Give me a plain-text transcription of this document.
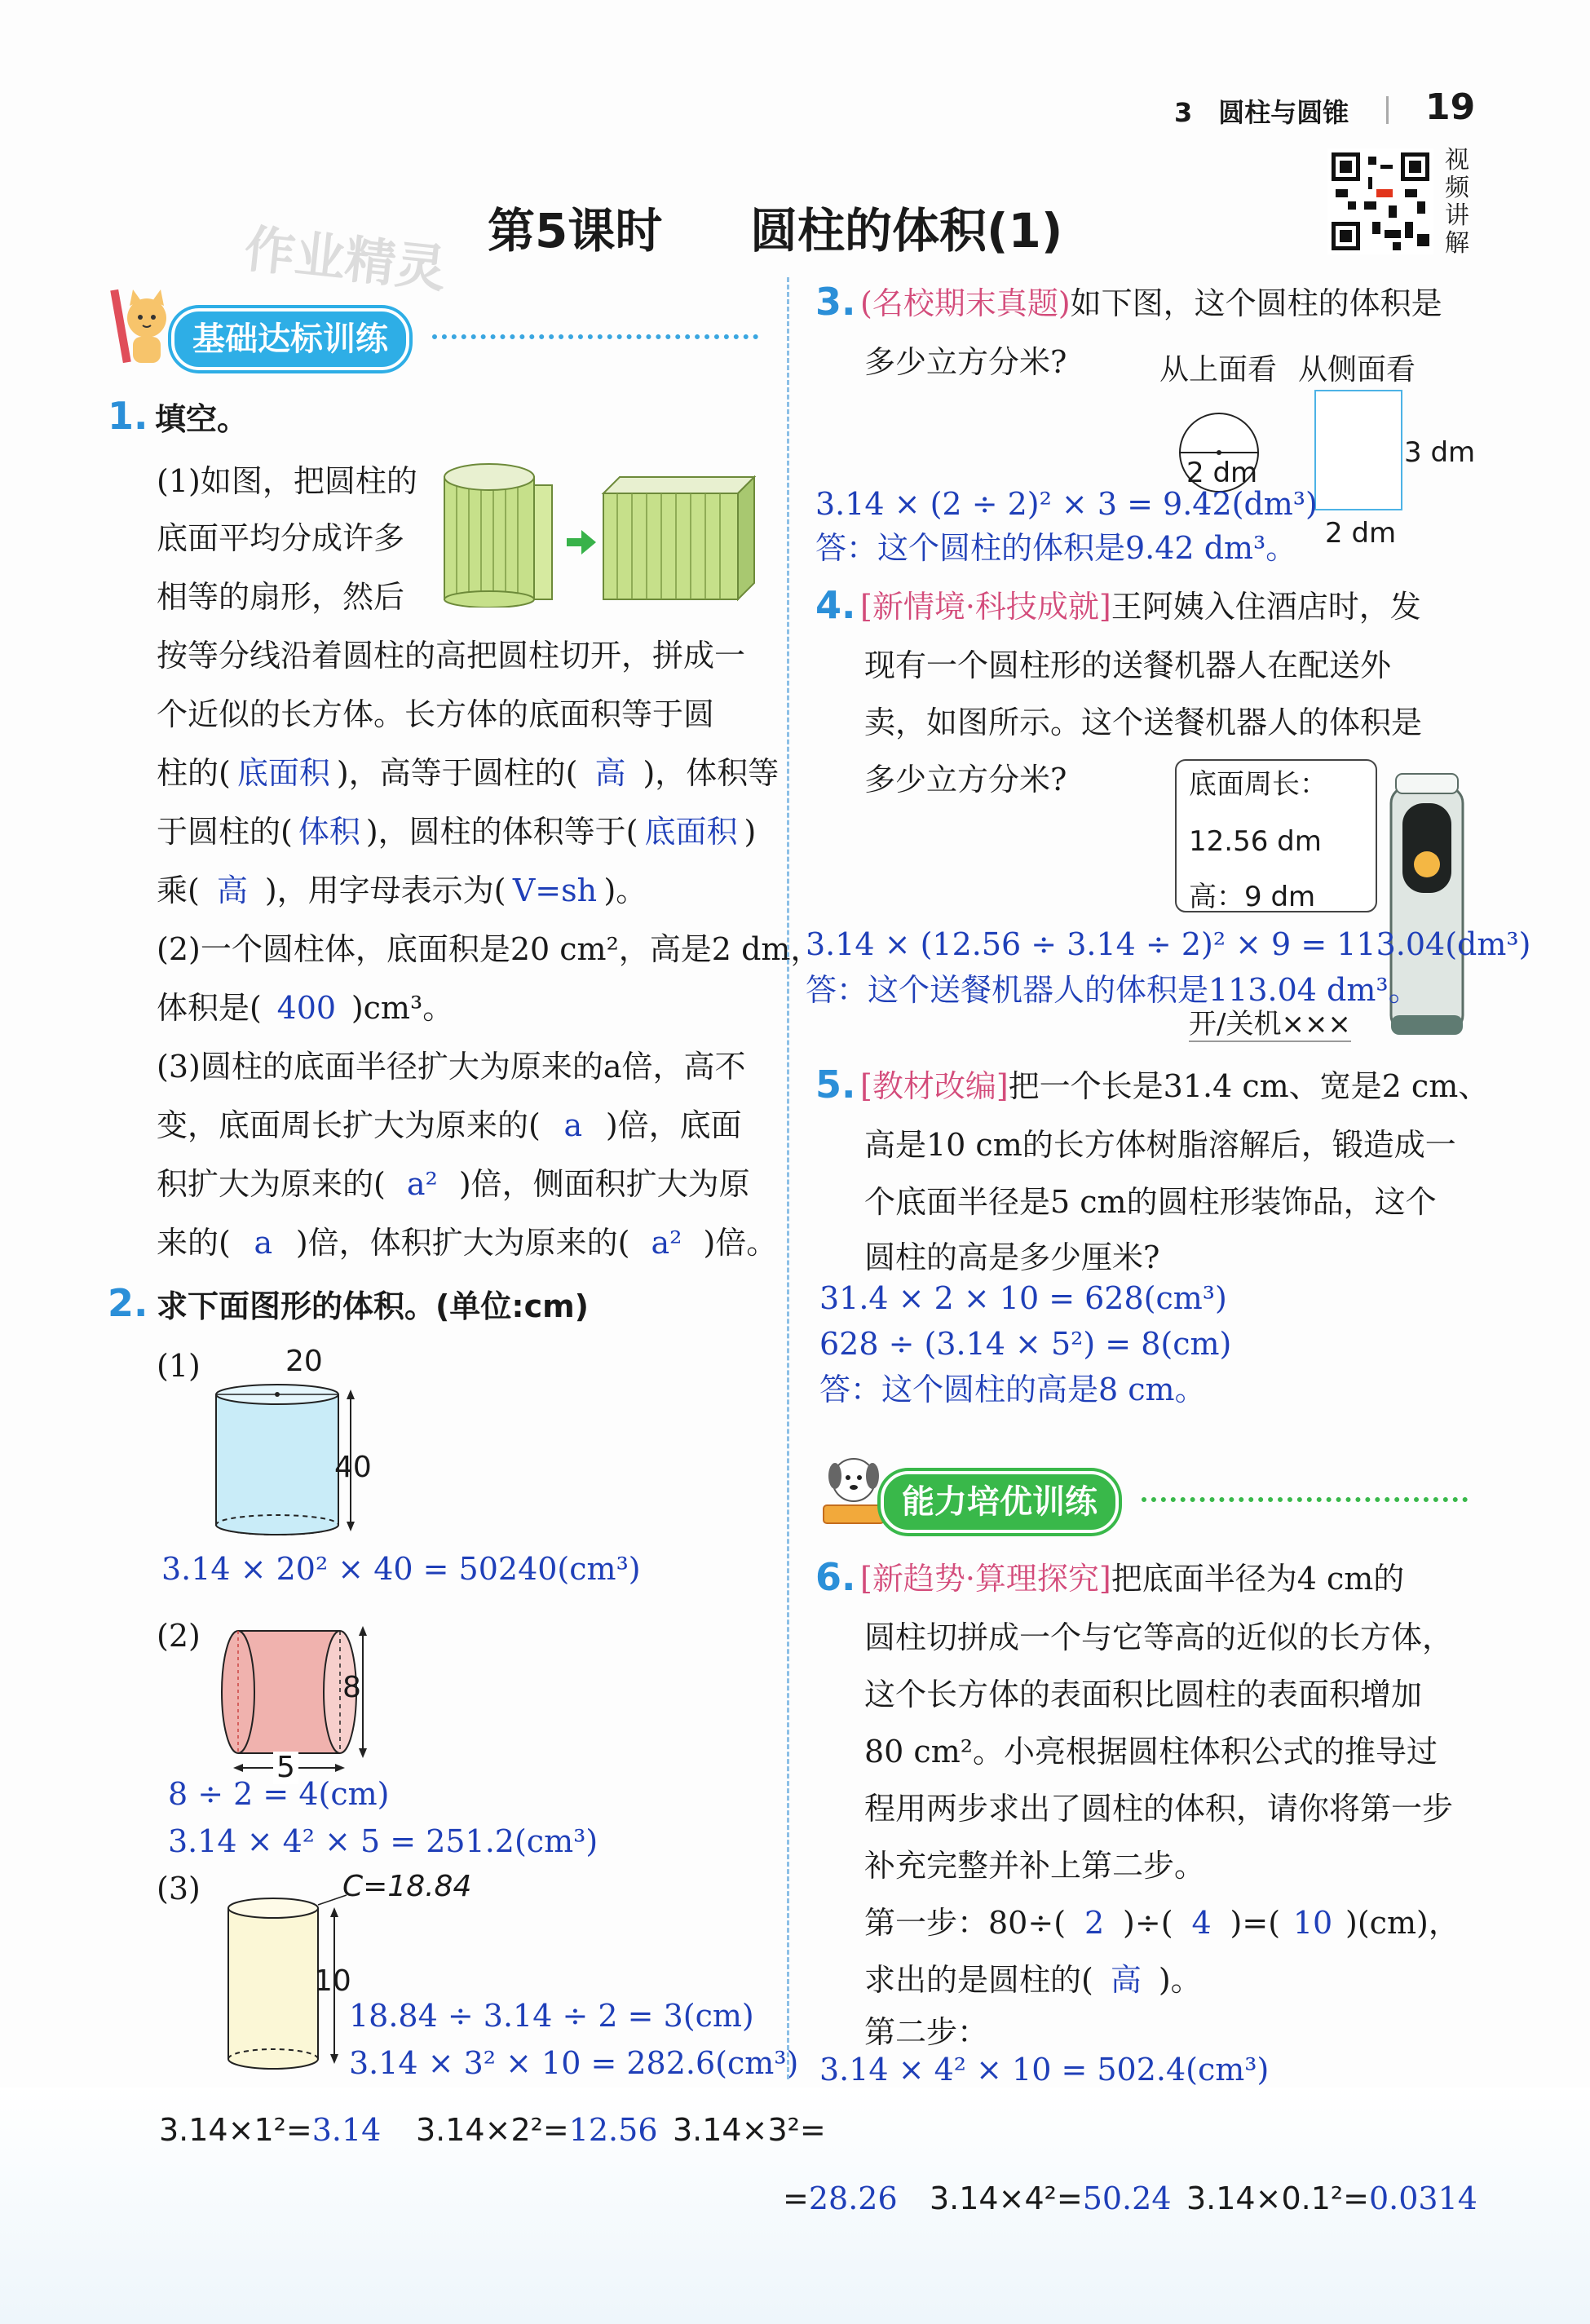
3　圆柱与圆锥 19
视频讲解
作业精灵 第5课时 圆柱的体积(1)
基础达标训练
1. 填空。
(1)如图，把圆柱的
底面平均分成许多
相等的扇形，然后
按等分线沿着圆柱的高把圆柱切开，拼成一
个近似的长方体。长方体的底面积等于圆
柱的( 底面积 )，高等于圆柱的( 高 )，体积等
于圆柱的( 体积 )，圆柱的体积等于( 底面积 )
乘( 高 )，用字母表示为( V=sh )。
(2)一个圆柱体，底面积是20 cm²，高是2 dm，
体积是( 400 )cm³。
(3)圆柱的底面半径扩大为原来的a倍，高不
变，底面周长扩大为原来的( a )倍，底面
积扩大为原来的( a² )倍，侧面积扩大为原
来的( a )倍，体积扩大为原来的( a² )倍。
2. 求下面图形的体积。(单位:cm)
(1)	20
40
3.14 × 20² × 40 = 50240(cm³)
(2)
8
5
8 ÷ 2 = 4(cm)
3.14 × 4² × 5 = 251.2(cm³)
(3)	C=18.84
10
18.84 ÷ 3.14 ÷ 2 = 3(cm)
3.14 × 3² × 10 = 282.6(cm³)
3. (名校期末真题)如下图，这个圆柱的体积是
多少立方分米?	从上面看 从侧面看
2 dm
3 dm
2 dm
3.14 × (2 ÷ 2)² × 3 = 9.42(dm³)
答：这个圆柱的体积是9.42 dm³。
4. [新情境·科技成就]王阿姨入住酒店时，发
现有一个圆柱形的送餐机器人在配送外
卖，如图所示。这个送餐机器人的体积是
多少立方分米?	底面周长：
12.56 dm
高：9 dm
开/关机×××
3.14 × (12.56 ÷ 3.14 ÷ 2)² × 9 = 113.04(dm³)
答：这个送餐机器人的体积是113.04 dm³。
5. [教材改编]把一个长是31.4 cm、宽是2 cm、
高是10 cm的长方体树脂溶解后，锻造成一
个底面半径是5 cm的圆柱形装饰品，这个
圆柱的高是多少厘米?
31.4 × 2 × 10 = 628(cm³)
628 ÷ (3.14 × 5²) = 8(cm)
答：这个圆柱的高是8 cm。
能力培优训练
6. [新趋势·算理探究]把底面半径为4 cm的
圆柱切拼成一个与它等高的近似的长方体，
这个长方体的表面积比圆柱的表面积增加
80 cm²。小亮根据圆柱体积公式的推导过
程用两步求出了圆柱的体积，请你将第一步
补充完整并补上第二步。
第一步：80÷( 2 )÷( 4 )=( 10 )(cm)，
求出的是圆柱的( 高 )。
第二步：
3.14 × 4² × 10 = 502.4(cm³)
3.14×1²=3.14 3.14×2²=12.56 3.14×3²=
=28.26 3.14×4²=50.24 3.14×0.1²=0.0314
